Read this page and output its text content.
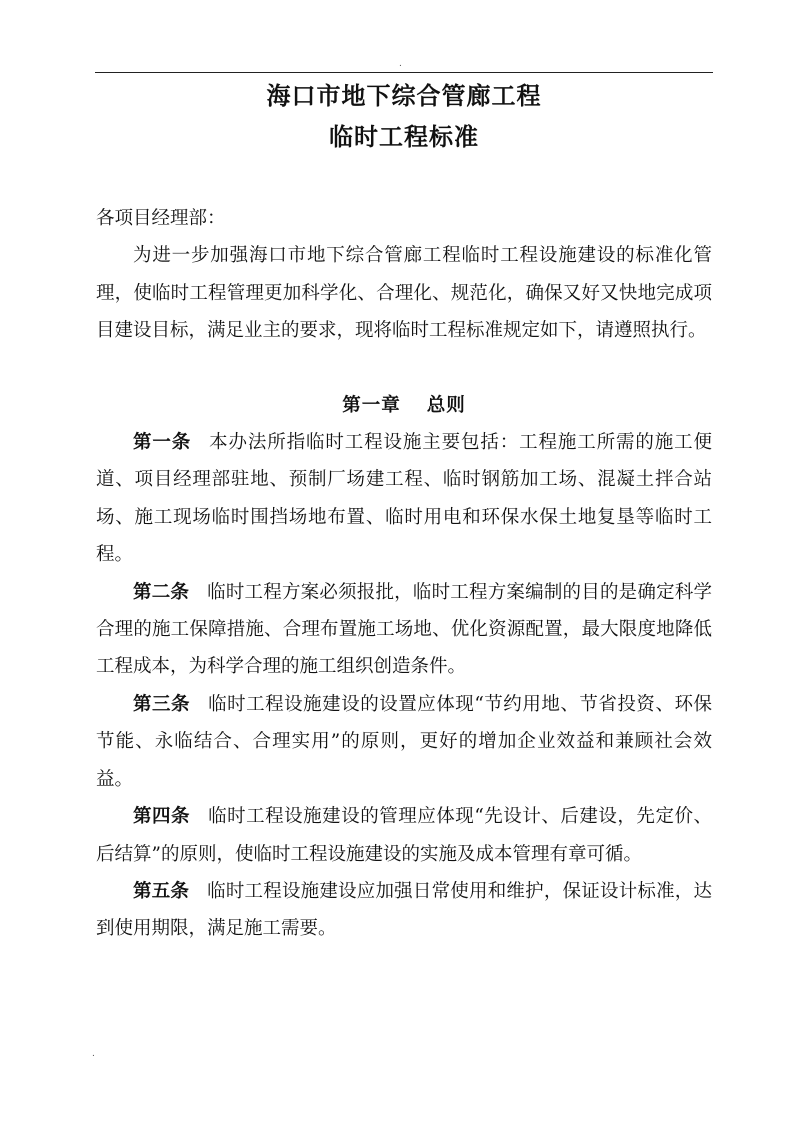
.
海口市地下综合管廊工程
临时工程标准

各项目经理部：

为进一步加强海口市地下综合管廊工程临时工程设施建设的标准化管理，使临时工程管理更加科学化、合理化、规范化，确保又好又快地完成项目建设目标，满足业主的要求，现将临时工程标准规定如下，请遵照执行。

第一章 总则

第一条 本办法所指临时工程设施主要包括：工程施工所需的施工便道、项目经理部驻地、预制厂场建工程、临时钢筋加工场、混凝土拌合站场、施工现场临时围挡场地布置、临时用电和环保水保土地复垦等临时工程。

第二条 临时工程方案必须报批，临时工程方案编制的目的是确定科学合理的施工保障措施、合理布置施工场地、优化资源配置，最大限度地降低工程成本，为科学合理的施工组织创造条件。

第三条 临时工程设施建设的设置应体现“节约用地、节省投资、环保节能、永临结合、合理实用”的原则，更好的增加企业效益和兼顾社会效益。

第四条 临时工程设施建设的管理应体现“先设计、后建设，先定价、后结算”的原则，使临时工程设施建设的实施及成本管理有章可循。

第五条 临时工程设施建设应加强日常使用和维护，保证设计标准，达到使用期限，满足施工需要。

.
